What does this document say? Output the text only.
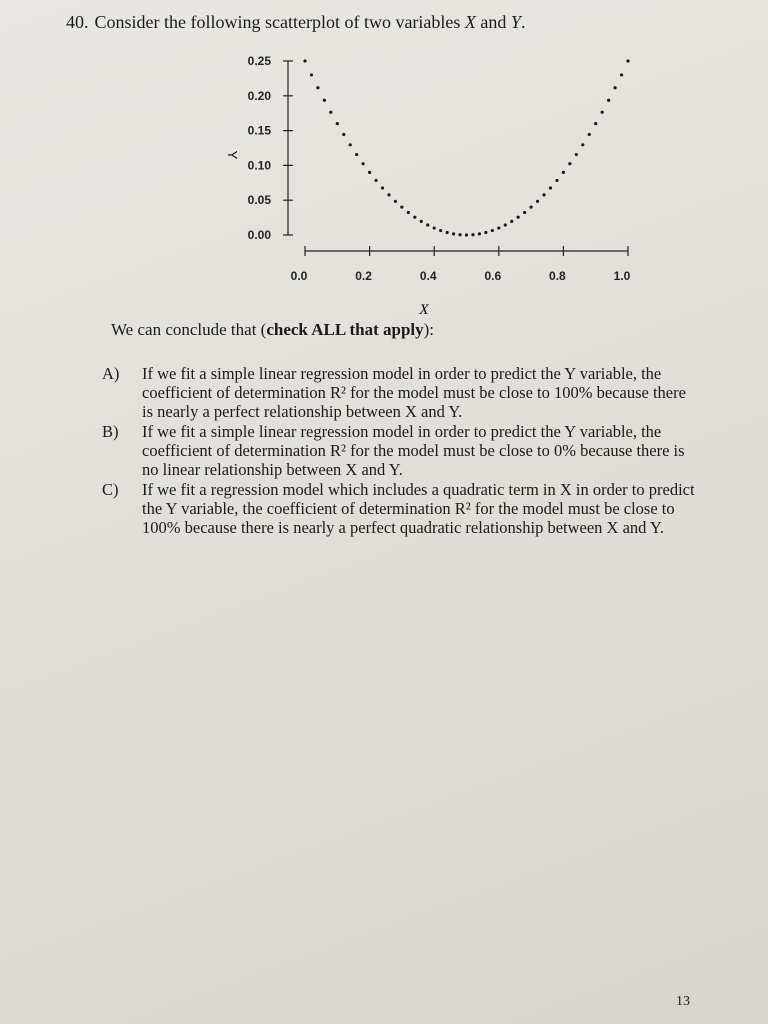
40. Consider the following scatterplot of two variables X and Y.
0.25
0.20
0.15
0.10
0.05
0.00
0.0	0.2	0.4	0.6	0.8	1.0
Y
X
We can conclude that (check ALL that apply):
A)	If we fit a simple linear regression model in order to predict the Y variable, the
coefficient of determination R² for the model must be close to 100% because there
is nearly a perfect relationship between X and Y.
B)	If we fit a simple linear regression model in order to predict the Y variable, the
coefficient of determination R² for the model must be close to 0% because there is
no linear relationship between X and Y.
C)	If we fit a regression model which includes a quadratic term in X in order to predict
the Y variable, the coefficient of determination R² for the model must be close to
100% because there is nearly a perfect quadratic relationship between X and Y.
13
